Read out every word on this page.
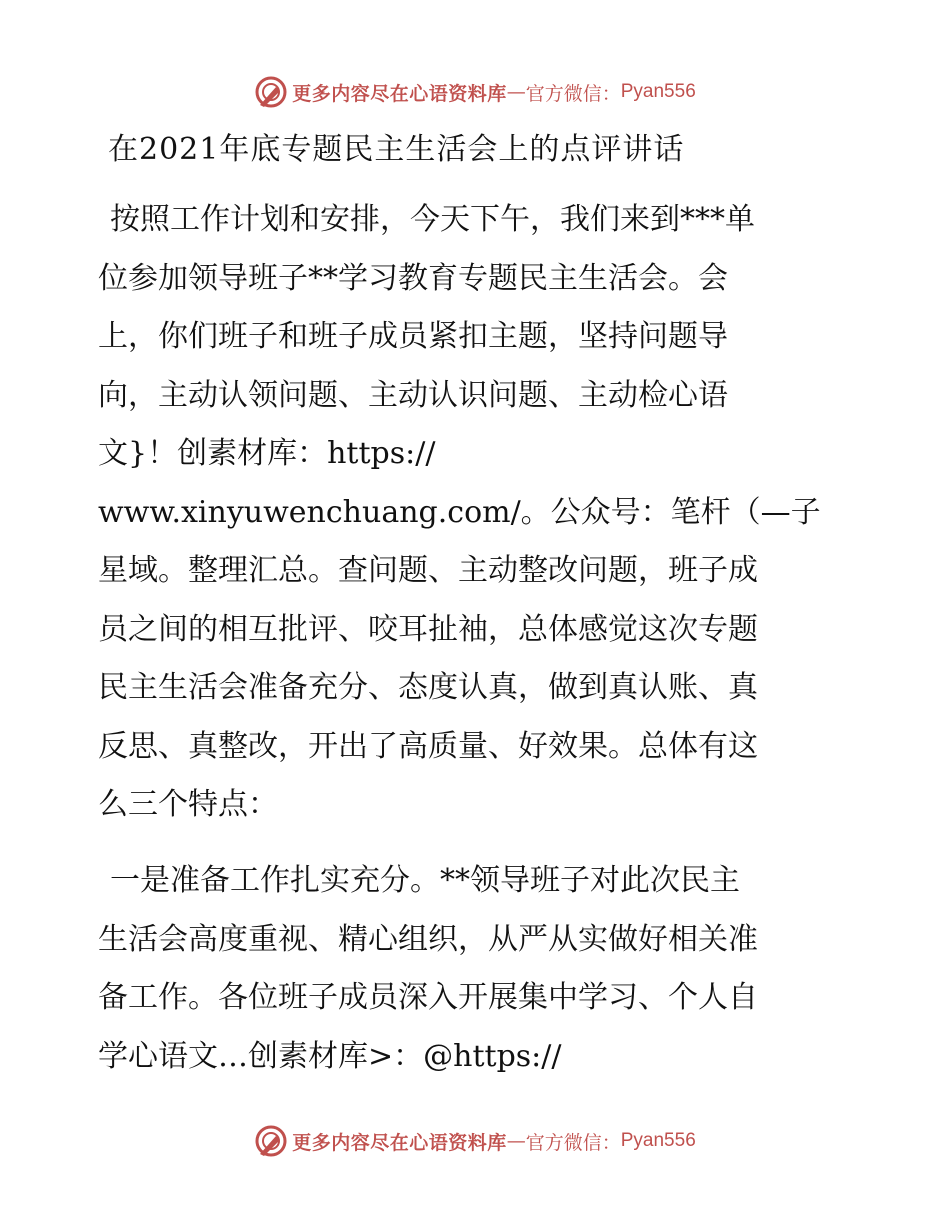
更多内容尽在心语资料库 — 官方微信： Pyan556
在2021年底专题民主生活会上的点评讲话
按照工作计划和安排，今天下午，我们来到***单
位参加领导班子**学习教育专题民主生活会。会
上，你们班子和班子成员紧扣主题，坚持问题导
向，主动认领问题、主动认识问题、主动检心语
文}！创素材库：https://
www.xinyuwenchuang.com/。公众号：笔杆（—子
星域。整理汇总。查问题、主动整改问题，班子成
员之间的相互批评、咬耳扯袖，总体感觉这次专题
民主生活会准备充分、态度认真，做到真认账、真
反思、真整改，开出了高质量、好效果。总体有这
么三个特点：
一是准备工作扎实充分。**领导班子对此次民主
生活会高度重视、精心组织，从严从实做好相关准
备工作。各位班子成员深入开展集中学习、个人自
学心语文…创素材库>：@https://
更多内容尽在心语资料库 — 官方微信： Pyan556
